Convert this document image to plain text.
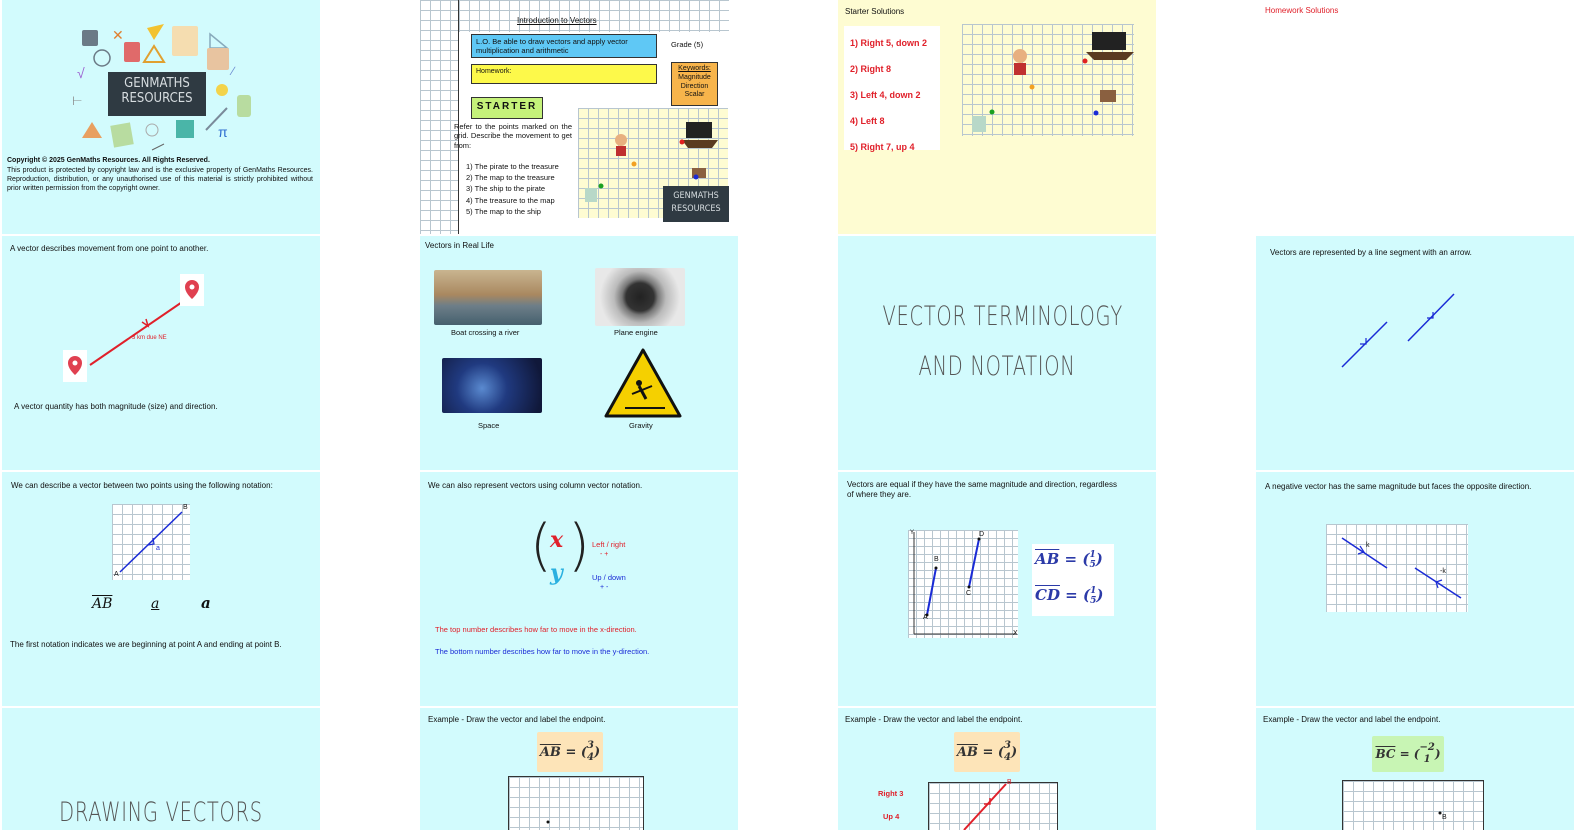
✕
√	∕
⊢
π
GENMATHS
RESOURCES
Copyright © 2025 GenMaths Resources. All Rights Reserved.
This product is protected by copyright law and is the exclusive property of GenMaths Resources. Reproduction, distribution, or any unauthorised use of this material is strictly prohibited without prior written permission from the copyright owner.
Introduction to Vectors
L.O. Be able to draw vectors and apply vector multiplication and arithmetic
Grade (5)
Homework:	Keywords:
Magnitude
Direction
Scalar
STARTER
Refer to the points marked on the grid. Describe the movement to get from:
1) The pirate to the treasure
2) The map to the treasure
3) The ship to the pirate
4) The treasure to the map
5) The map to the ship
GENMATHS
RESOURCES
Starter Solutions
1) Right 5, down 2
2) Right 8
3) Left 4, down 2
4) Left 8
5) Right 7, up 4
Homework Solutions
A vector describes movement from one point to another.
3 km due NE
A vector quantity has both magnitude (size) and direction.
Vectors in Real Life
Boat crossing a river	Plane engine
Space	Gravity
VECTOR TERMINOLOGY
AND NOTATION
Vectors are represented by a line segment with an arrow.
We can describe a vector between two points using the following notation:
A
B
a
$\overline{AB}$	a	a
The first notation indicates we are beginning at point A and ending at point B.
We can also represent vectors using column vector notation.
( )
x
y
Left / right
- +
Up / down
+ -
The top number describes how far to move in the x-direction.
The bottom number describes how far to move in the y-direction.
Vectors are equal if they have the same magnitude and direction, regardless of where they are.
B
D
C
A
X
Y
$\overline{AB}$ = ( 1
5 )
$\overline{CD}$ = ( 1
5 )
A negative vector has the same magnitude but faces the opposite direction.
k
-k
DRAWING VECTORS
Example - Draw the vector and label the endpoint.
$\overline{AB}$ = ( 3
4 )
Example - Draw the vector and label the endpoint.
$\overline{AB}$ = ( 3
4 )
Right 3
Up 4
B
Example - Draw the vector and label the endpoint.
$\overline{BC}$ = ( −2
1 )
B
